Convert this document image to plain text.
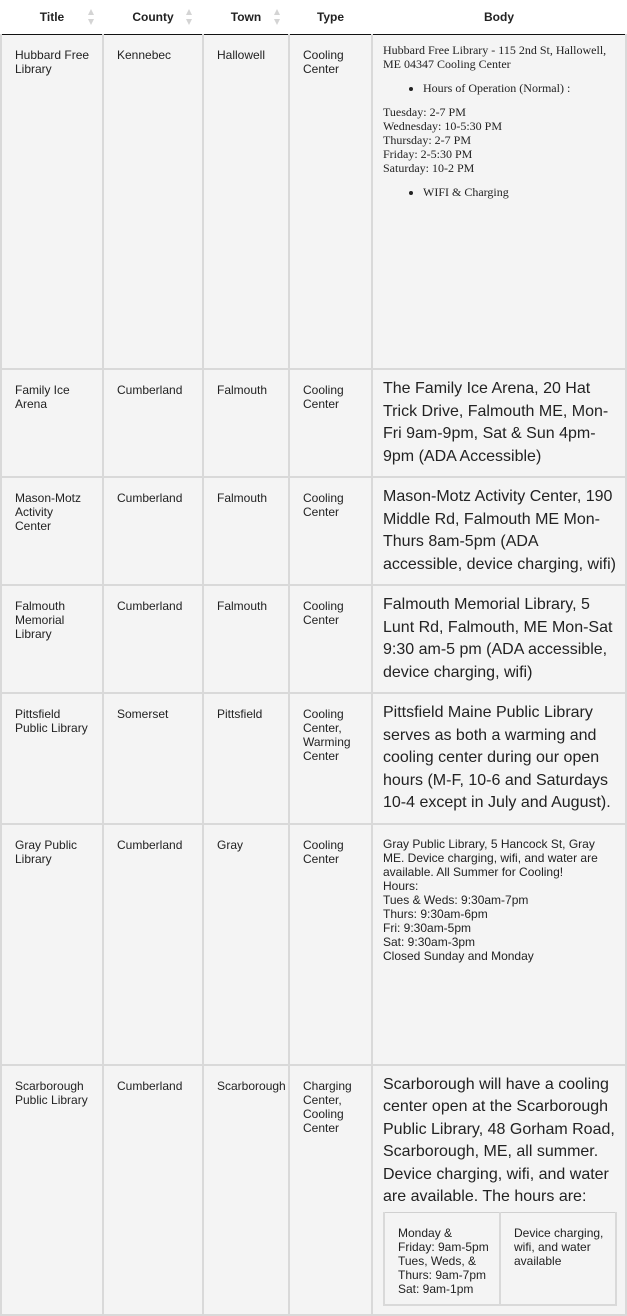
Title	County	Town	Type	Body
Hubbard Free Library	Kennebec	Hallowell	Cooling Center	
Hubbard Free Library - 115 2nd St, Hallowell, ME 04347 Cooling Center
• Hours of Operation (Normal) :
Tuesday: 2-7 PM
Wednesday: 10-5:30 PM
Thursday: 2-7 PM
Friday: 2-5:30 PM
Saturday: 10-2 PM
• WIFI & Charging

Family Ice Arena	Cumberland	Falmouth	Cooling Center	The Family Ice Arena, 20 Hat Trick Drive, Falmouth ME, Mon-Fri 9am-9pm, Sat & Sun 4pm-9pm (ADA Accessible)
Mason-Motz Activity Center	Cumberland	Falmouth	Cooling Center	Mason-Motz Activity Center, 190 Middle Rd, Falmouth ME Mon-Thurs 8am-5pm (ADA accessible, device charging, wifi)
Falmouth Memorial Library	Cumberland	Falmouth	Cooling Center	Falmouth Memorial Library, 5 Lunt Rd, Falmouth, ME Mon-Sat 9:30 am-5 pm (ADA accessible, device charging, wifi)
Pittsfield Public Library	Somerset	Pittsfield	Cooling Center, Warming Center	Pittsfield Maine Public Library serves as both a warming and cooling center during our open hours (M-F, 10-6 and Saturdays 10-4 except in July and August).
Gray Public Library	Cumberland	Gray	Cooling Center	
Gray Public Library, 5 Hancock St, Gray ME. Device charging, wifi, and water are available. All Summer for Cooling!
Hours:
Tues & Weds: 9:30am-7pm
Thurs: 9:30am-6pm
Fri: 9:30am-5pm
Sat: 9:30am-3pm
Closed Sunday and Monday

Scarborough Public Library	Cumberland	Scarborough	Charging Center, Cooling Center	
Scarborough will have a cooling center open at the Scarborough Public Library, 48 Gorham Road, Scarborough, ME, all summer. Device charging, wifi, and water are available. The hours are:
Monday & Friday: 9am-5pm
Tues, Weds, & Thurs: 9am-7pm
Sat: 9am-1pm
	Device charging, wifi, and water available
